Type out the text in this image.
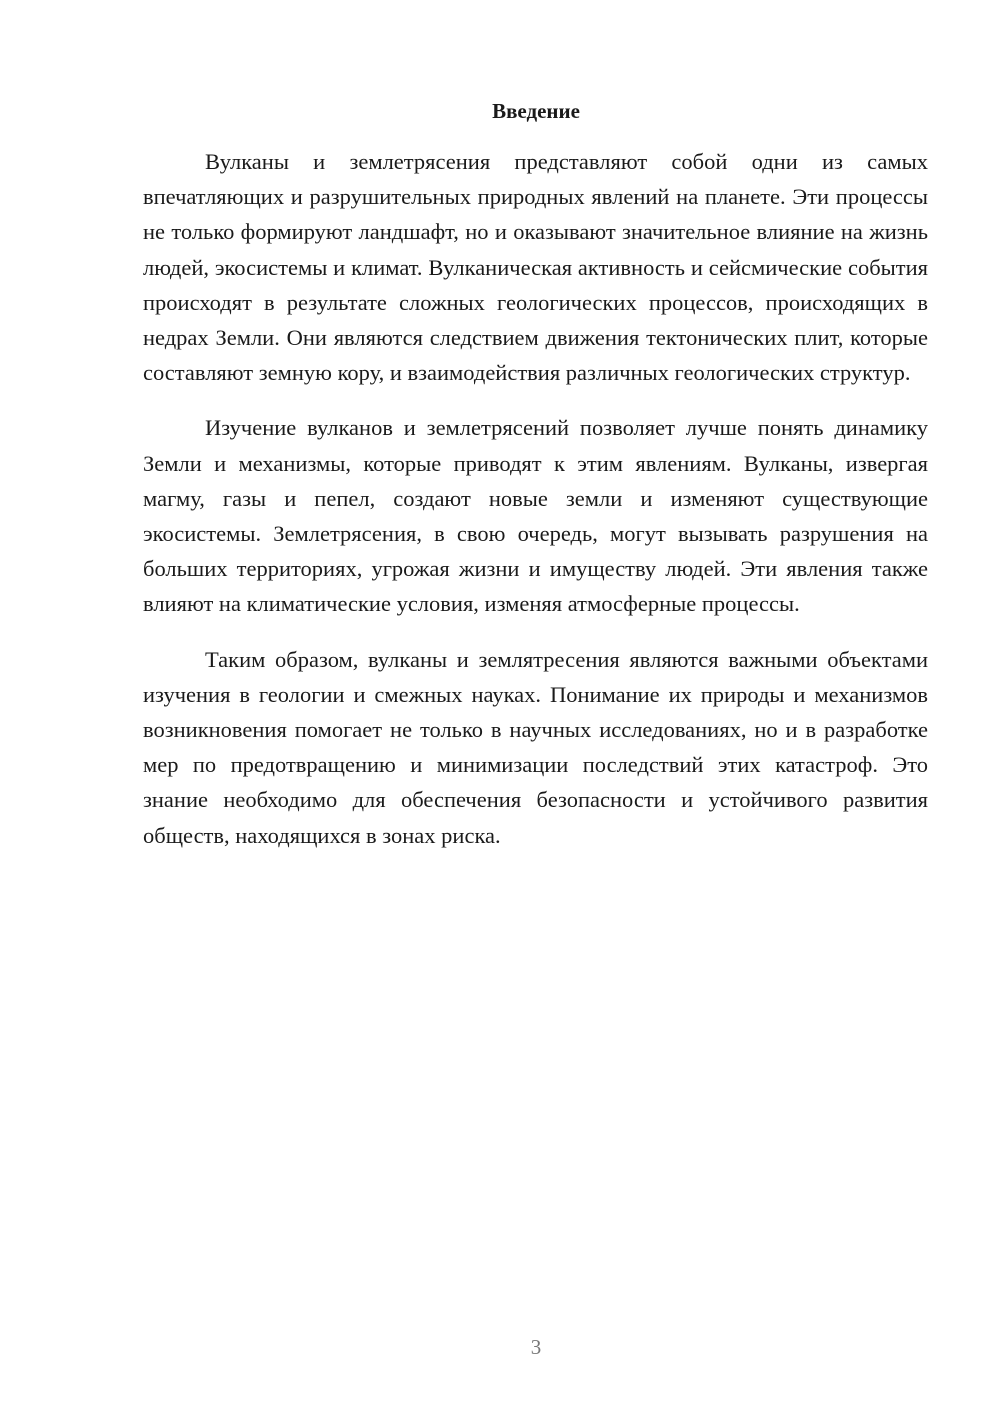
Введение

Вулканы и землетрясения представляют собой одни из самых впечатляющих и разрушительных природных явлений на планете. Эти процессы не только формируют ландшафт, но и оказывают значительное влияние на жизнь людей, экосистемы и климат. Вулканическая активность и сейсмические события происходят в результате сложных геологических процессов, происходящих в недрах Земли. Они являются следствием движения тектонических плит, которые составляют земную кору, и взаимодействия различных геологических структур.

Изучение вулканов и землетрясений позволяет лучше понять динамику Земли и механизмы, которые приводят к этим явлениям. Вулканы, извергая магму, газы и пепел, создают новые земли и изменяют существующие экосистемы. Землетрясения, в свою очередь, могут вызывать разрушения на больших территориях, угрожая жизни и имуществу людей. Эти явления также влияют на климатические условия, изменяя атмосферные процессы.

Таким образом, вулканы и землятресения являются важными объектами изучения в геологии и смежных науках. Понимание их природы и механизмов возникновения помогает не только в научных исследованиях, но и в разработке мер по предотвращению и минимизации последствий этих катастроф. Это знание необходимо для обеспечения безопасности и устойчивого развития обществ, находящихся в зонах риска.

3
